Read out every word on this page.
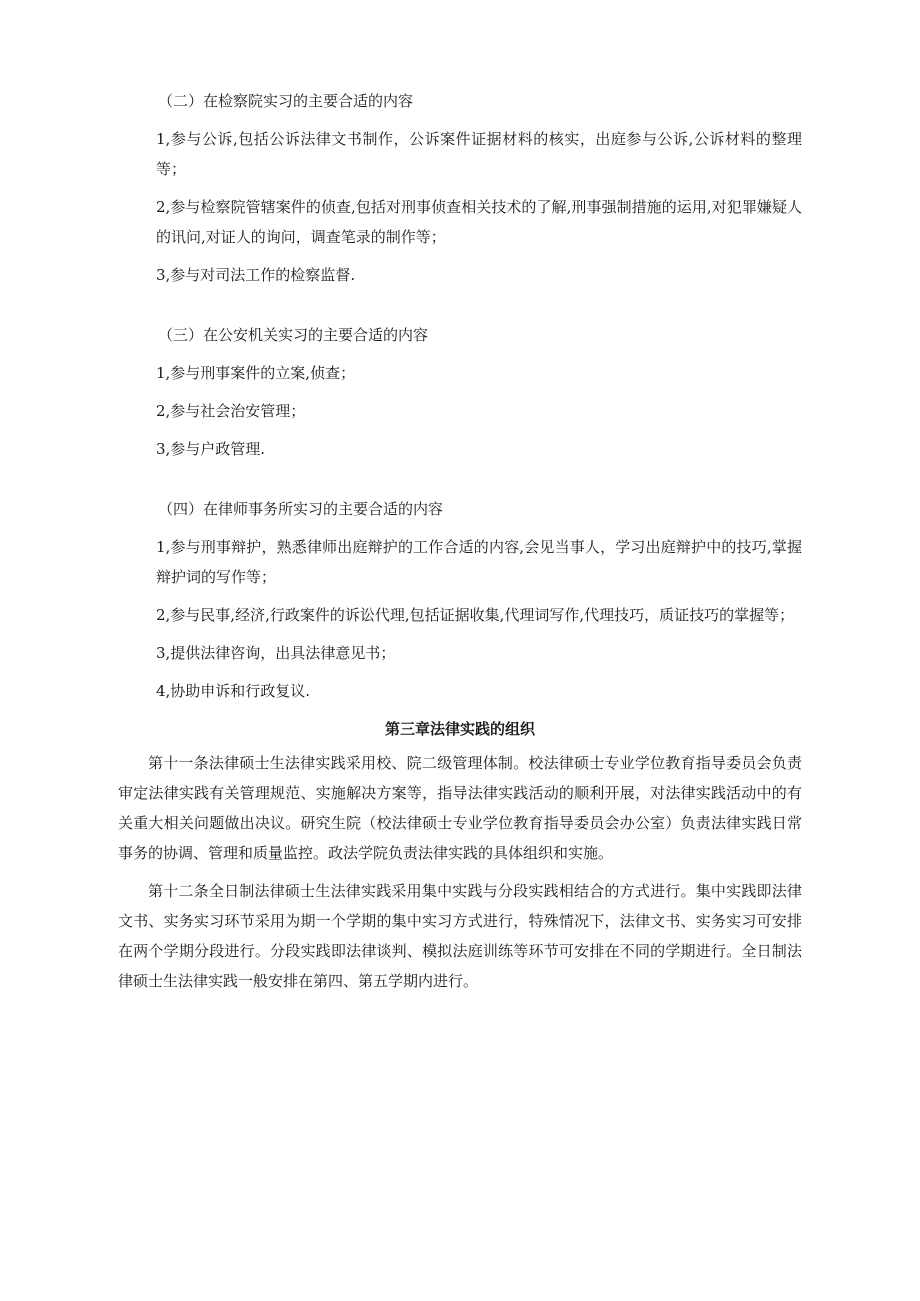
（二）在检察院实习的主要合适的内容

1,参与公诉,包括公诉法律文书制作，公诉案件证据材料的核实，出庭参与公诉,公诉材料的整理等；

2,参与检察院管辖案件的侦查,包括对刑事侦查相关技术的了解,刑事强制措施的运用,对犯罪嫌疑人的讯问,对证人的询问，调查笔录的制作等；

3,参与对司法工作的检察监督.

（三）在公安机关实习的主要合适的内容

1,参与刑事案件的立案,侦查；

2,参与社会治安管理；

3,参与户政管理.

（四）在律师事务所实习的主要合适的内容

1,参与刑事辩护，熟悉律师出庭辩护的工作合适的内容,会见当事人，学习出庭辩护中的技巧,掌握辩护词的写作等；

2,参与民事,经济,行政案件的诉讼代理,包括证据收集,代理词写作,代理技巧，质证技巧的掌握等；

3,提供法律咨询，出具法律意见书；

4,协助申诉和行政复议.

第三章法律实践的组织

第十一条法律硕士生法律实践采用校、院二级管理体制。校法律硕士专业学位教育指导委员会负责审定法律实践有关管理规范、实施解决方案等，指导法律实践活动的顺利开展，对法律实践活动中的有关重大相关问题做出决议。研究生院（校法律硕士专业学位教育指导委员会办公室）负责法律实践日常事务的协调、管理和质量监控。政法学院负责法律实践的具体组织和实施。

第十二条全日制法律硕士生法律实践采用集中实践与分段实践相结合的方式进行。集中实践即法律文书、实务实习环节采用为期一个学期的集中实习方式进行，特殊情况下，法律文书、实务实习可安排在两个学期分段进行。分段实践即法律谈判、模拟法庭训练等环节可安排在不同的学期进行。全日制法律硕士生法律实践一般安排在第四、第五学期内进行。
